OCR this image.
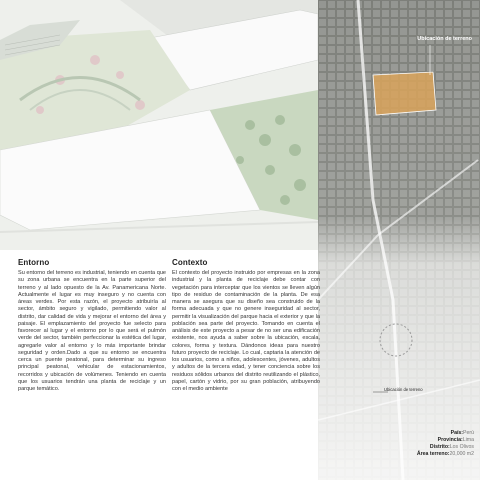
Ubicación de terreno
Ubicación de terreno
País:Perú
Provincia:Lima
Distrito:Los Olivos
Área terreno:20,000 m2
Entorno

Su entorno del terreno es industrial, teniendo en cuenta que su zona urbana se encuentra en la parte superior del terreno y al lado opuesto de la Av. Panamericana Norte. Actualmente el lugar es muy inseguro y no cuenta con áreas verdes. Por esta razón, el proyecto atribuiría al sector, ámbito seguro y vigilado, permitiendo valor al distrito, dar calidad de vida y mejorar el entorno del área y paisaje. El emplazamiento del proyecto fue selecto para favorecer al lugar y el entorno por lo que será el pulmón verde del sector, también perfeccionar la estética del lugar, agregarle valor al entorno y lo más importante brindar seguridad y orden.Dado a que su entorno se encuentra cerca un puente peatonal, para determinar su ingreso principal peatonal, vehicular de estacionamientos, recorridos y ubicación de volúmenes. Teniendo en cuenta que los usuarios tendrán una planta de reciclaje y un parque temático.

Contexto

El contexto del proyecto instruido por empresas en la zona industrial y la planta de reciclaje debe contar con vegetación para interceptar que los vientos se lleven algún tipo de residuo de contaminación de la planta. De esa manera se asegura que su diseño sea construido de la forma adecuada y que no genere inseguridad al sector, permitir la visualización del parque hacia el exterior y que la población sea parte del proyecto. Tomando en cuenta el análisis de este proyecto a pesar de no ser una edificación existente, nos ayuda a saber sobre la ubicación, escala, colores, forma y textura. Dándonos ideas para nuestro futuro proyecto de reciclaje. Lo cual, captaria la atención de los usuarios, como a niños, adolescentes, jóvenes, adultos y adultos de la tercera edad, y tener conciencia sobre los residuos sólidos urbanos del distrito reutilizando el plástico, papel, cartón y vidrio, por su gran población, atribuyendo con el medio ambiente
